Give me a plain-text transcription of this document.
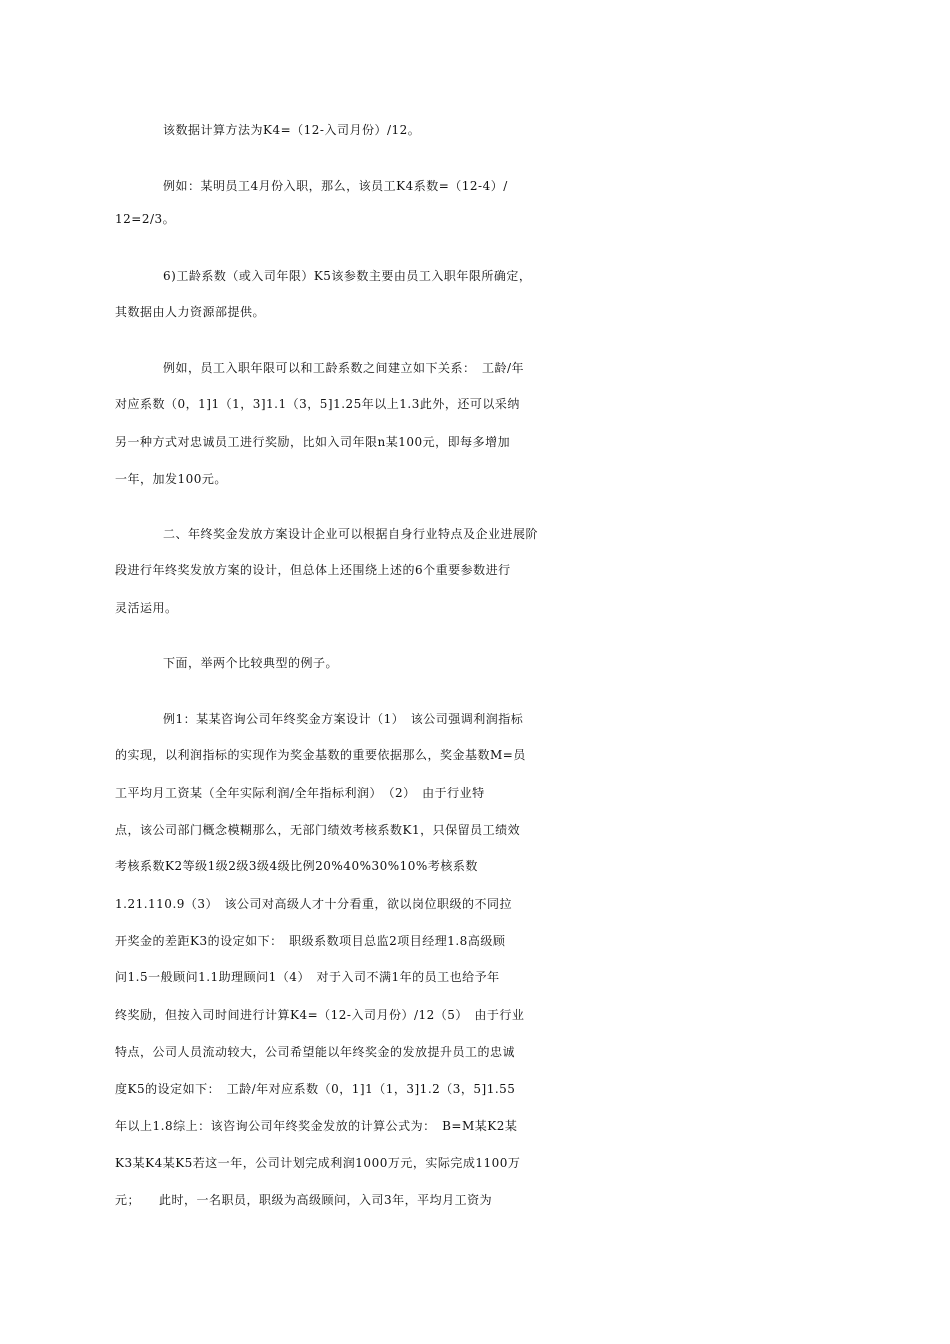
该数据计算方法为K4=（12-入司月份）/12。
例如：某明员工4月份入职，那么，该员工K4系数=（12-4）/
12=2/3。
6)工龄系数（或入司年限）K5该参数主要由员工入职年限所确定，
其数据由人力资源部提供。
例如，员工入职年限可以和工龄系数之间建立如下关系：　工龄/年
对应系数（0，1]1（1，3]1.1（3，5]1.25年以上1.3此外，还可以采纳
另一种方式对忠诚员工进行奖励，比如入司年限n某100元，即每多增加
一年，加发100元。
二、年终奖金发放方案设计企业可以根据自身行业特点及企业进展阶
段进行年终奖发放方案的设计，但总体上还围绕上述的6个重要参数进行
灵活运用。
下面，举两个比较典型的例子。
例1：某某咨询公司年终奖金方案设计（1）　该公司强调利润指标
的实现，以利润指标的实现作为奖金基数的重要依据那么，奖金基数M=员
工平均月工资某（全年实际利润/全年指标利润）　（2）　由于行业特
点，该公司部门概念模糊那么，无部门绩效考核系数K1，只保留员工绩效
考核系数K2等级1级2级3级4级比例20%40%30%10%考核系数
1.21.110.9（3）　该公司对高级人才十分看重，欲以岗位职级的不同拉
开奖金的差距K3的设定如下：　职级系数项目总监2项目经理1.8高级顾
问1.5一般顾问1.1助理顾问1（4）　对于入司不满1年的员工也给予年
终奖励，但按入司时间进行计算K4=（12-入司月份）/12（5）　由于行业
特点，公司人员流动较大，公司希望能以年终奖金的发放提升员工的忠诚
度K5的设定如下：　工龄/年对应系数（0，1]1（1，3]1.2（3，5]1.55
年以上1.8综上：该咨询公司年终奖金发放的计算公式为：　B=M某K2某
K3某K4某K5若这一年，公司计划完成利润1000万元，实际完成1100万
元；　　此时，一名职员，职级为高级顾问，入司3年，平均月工资为
